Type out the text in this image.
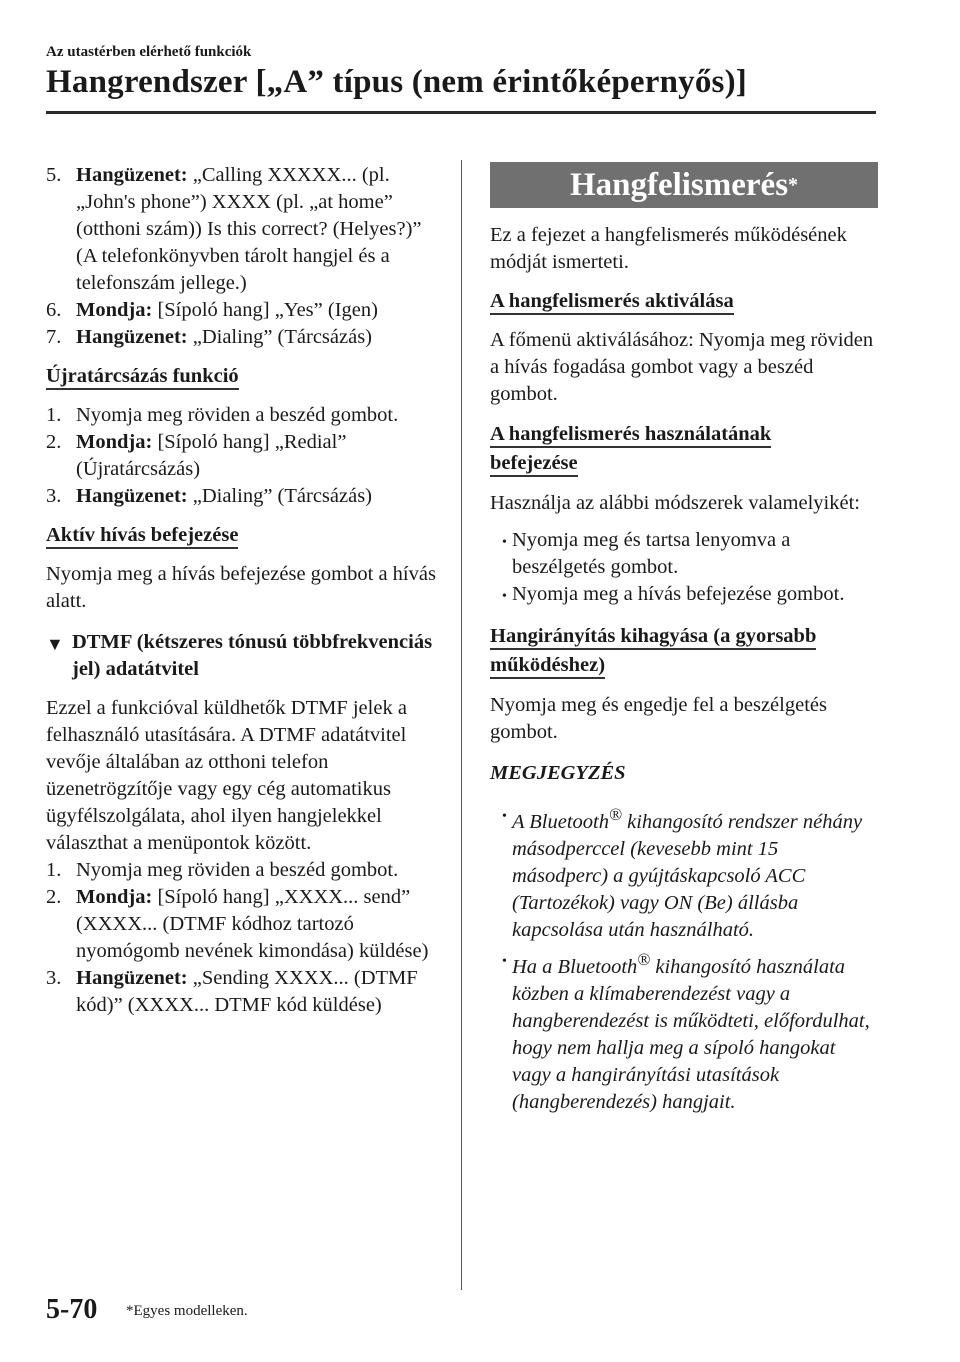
Az utastérben elérhető funkciók
Hangrendszer [„A” típus (nem érintőképernyős)]
5. Hangüzenet: „Calling XXXXX... (pl. „John's phone”) XXXX (pl. „at home” (otthoni szám)) Is this correct? (Helyes?)” (A telefonkönyvben tárolt hangjel és a telefonszám jellege.)
6. Mondja: [Sípoló hang] „Yes” (Igen)
7. Hangüzenet: „Dialing” (Tárcsázás)
Újratárcsázás funkció
1. Nyomja meg röviden a beszéd gombot.
2. Mondja: [Sípoló hang] „Redial” (Újratárcsázás)
3. Hangüzenet: „Dialing” (Tárcsázás)
Aktív hívás befejezése

Nyomja meg a hívás befejezése gombot a hívás alatt.

▼ DTMF (kétszeres tónusú többfrekvenciás jel) adatátvitel

Ezzel a funkcióval küldhetők DTMF jelek a felhasználó utasítására. A DTMF adatátvitel vevője általában az otthoni telefon üzenetrögzítője vagy egy cég automatikus ügyfélszolgálata, ahol ilyen hangjelekkel választhat a menüpontok között.

1. Nyomja meg röviden a beszéd gombot.
2. Mondja: [Sípoló hang] „XXXX... send” (XXXX... (DTMF kódhoz tartozó nyomógomb nevének kimondása) küldése)
3. Hangüzenet: „Sending XXXX... (DTMF kód)” (XXXX... DTMF kód küldése)
Hangfelismerés *

Ez a fejezet a hangfelismerés működésének módját ismerteti.

A hangfelismerés aktiválása

A főmenü aktiválásához: Nyomja meg röviden a hívás fogadása gombot vagy a beszéd gombot.

A hangfelismerés használatának
befejezése

Használja az alábbi módszerek valamelyikét:

• Nyomja meg és tartsa lenyomva a beszélgetés gombot.
• Nyomja meg a hívás befejezése gombot.
Hangirányítás kihagyása (a gyorsabb
működéshez)

Nyomja meg és engedje fel a beszélgetés gombot.

MEGJEGYZÉS
• A Bluetooth® kihangosító rendszer néhány másodperccel (kevesebb mint 15 másodperc) a gyújtáskapcsoló ACC (Tartozékok) vagy ON (Be) állásba kapcsolása után használható.
• Ha a Bluetooth® kihangosító használata közben a klímaberendezést vagy a hangberendezést is működteti, előfordulhat, hogy nem hallja meg a sípoló hangokat vagy a hangirányítási utasítások (hangberendezés) hangjait.
5-70 *Egyes modelleken.
